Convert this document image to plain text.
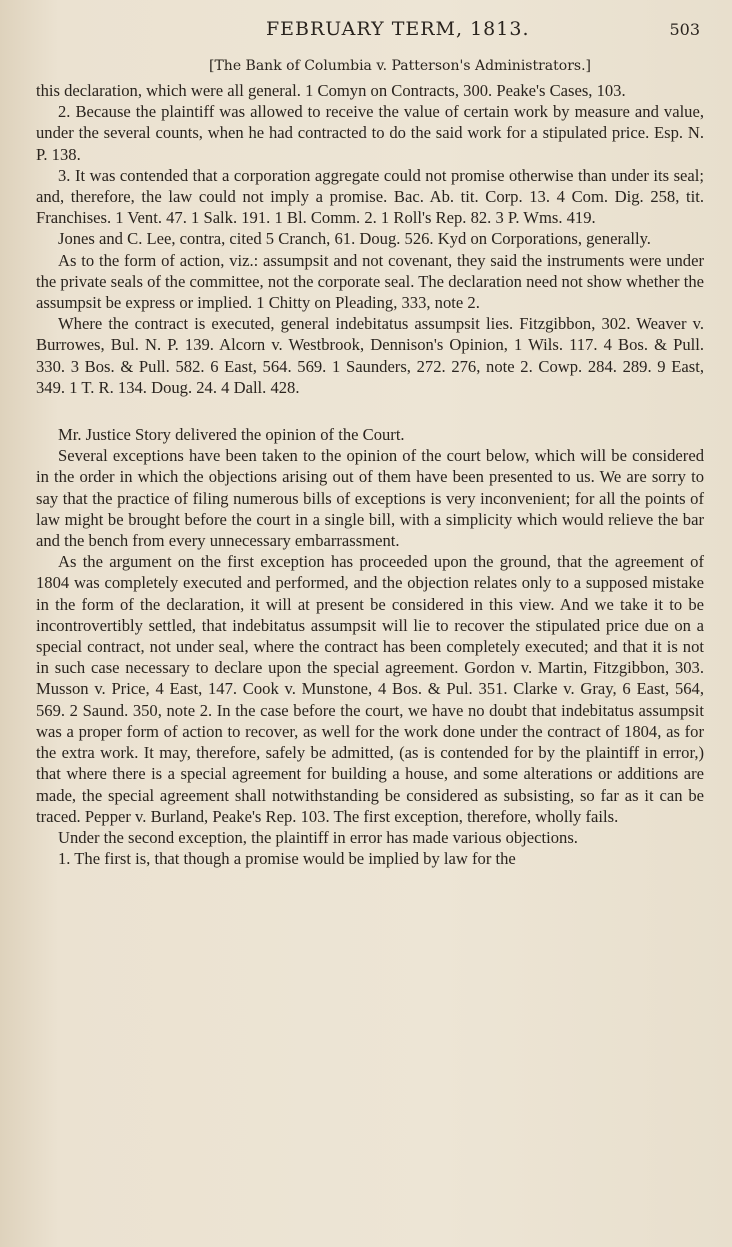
FEBRUARY TERM, 1813.	503
[The Bank of Columbia v. Patterson's Administrators.]

this declaration, which were all general. 1 Comyn on Contracts, 300. Peake's Cases, 103.

2. Because the plaintiff was allowed to receive the value of certain work by measure and value, under the several counts, when he had contracted to do the said work for a stipulated price. Esp. N. P. 138.

3. It was contended that a corporation aggregate could not promise otherwise than under its seal; and, therefore, the law could not imply a promise. Bac. Ab. tit. Corp. 13. 4 Com. Dig. 258, tit. Franchises. 1 Vent. 47. 1 Salk. 191. 1 Bl. Comm. 2. 1 Roll's Rep. 82. 3 P. Wms. 419.

Jones and C. Lee, contra, cited 5 Cranch, 61. Doug. 526. Kyd on Corporations, generally.

As to the form of action, viz.: assumpsit and not covenant, they said the instruments were under the private seals of the committee, not the corporate seal. The declaration need not show whether the assumpsit be express or implied. 1 Chitty on Pleading, 333, note 2.

Where the contract is executed, general indebitatus assumpsit lies. Fitzgibbon, 302. Weaver v. Burrowes, Bul. N. P. 139. Alcorn v. Westbrook, Dennison's Opinion, 1 Wils. 117. 4 Bos. & Pull. 330. 3 Bos. & Pull. 582. 6 East, 564. 569. 1 Saunders, 272. 276, note 2. Cowp. 284. 289. 9 East, 349. 1 T. R. 134. Doug. 24. 4 Dall. 428.

Mr. Justice Story delivered the opinion of the Court.

Several exceptions have been taken to the opinion of the court below, which will be considered in the order in which the objections arising out of them have been presented to us. We are sorry to say that the practice of filing numerous bills of exceptions is very inconvenient; for all the points of law might be brought before the court in a single bill, with a simplicity which would relieve the bar and the bench from every unnecessary embarrassment.

As the argument on the first exception has proceeded upon the ground, that the agreement of 1804 was completely executed and performed, and the objection relates only to a supposed mistake in the form of the declaration, it will at present be considered in this view. And we take it to be incontrovertibly settled, that indebitatus assumpsit will lie to recover the stipulated price due on a special contract, not under seal, where the contract has been completely executed; and that it is not in such case necessary to declare upon the special agreement. Gordon v. Martin, Fitzgibbon, 303. Musson v. Price, 4 East, 147. Cook v. Munstone, 4 Bos. & Pul. 351. Clarke v. Gray, 6 East, 564, 569. 2 Saund. 350, note 2. In the case before the court, we have no doubt that indebitatus assumpsit was a proper form of action to recover, as well for the work done under the contract of 1804, as for the extra work. It may, therefore, safely be admitted, (as is contended for by the plaintiff in error,) that where there is a special agreement for building a house, and some alterations or additions are made, the special agreement shall notwithstanding be considered as subsisting, so far as it can be traced. Pepper v. Burland, Peake's Rep. 103. The first exception, therefore, wholly fails.

Under the second exception, the plaintiff in error has made various objections.

1. The first is, that though a promise would be implied by law for the
